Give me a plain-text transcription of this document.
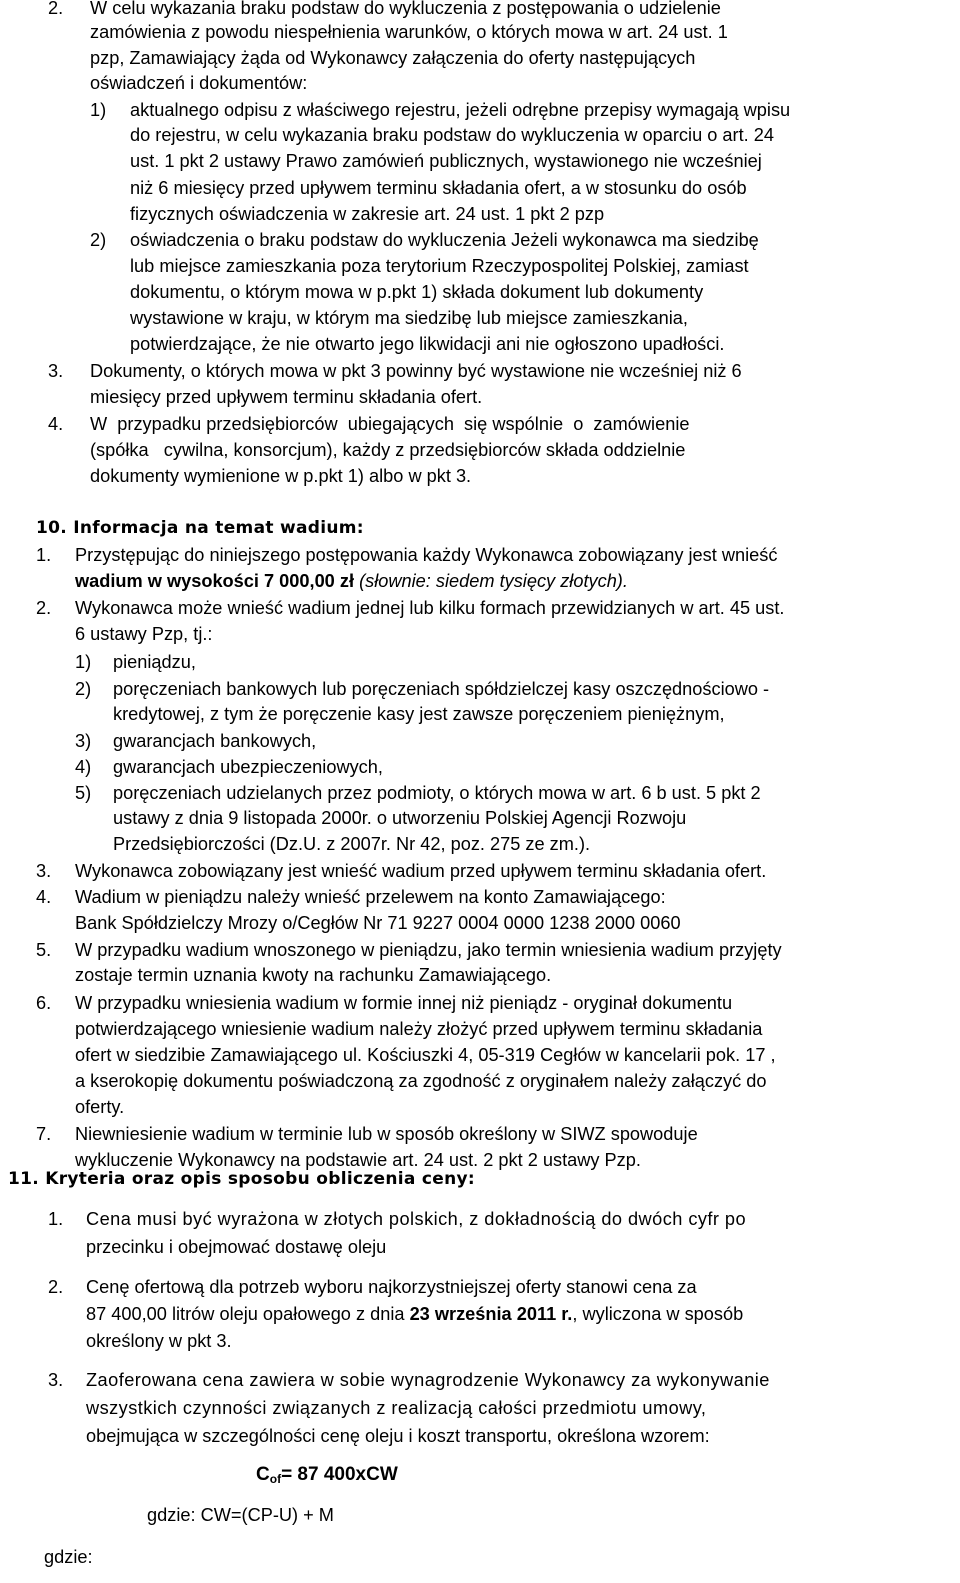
2. W celu wykazania braku podstaw do wykluczenia z postępowania o udzielenie
zamówienia z powodu niespełnienia warunków, o których mowa w art. 24 ust. 1
pzp, Zamawiający żąda od Wykonawcy załączenia do oferty następujących
oświadczeń i dokumentów:
1) aktualnego odpisu z właściwego rejestru, jeżeli odrębne przepisy wymagają wpisu
do rejestru, w celu wykazania braku podstaw do wykluczenia w oparciu o art. 24
ust. 1 pkt 2 ustawy Prawo zamówień publicznych, wystawionego nie wcześniej
niż 6 miesięcy przed upływem terminu składania ofert, a w stosunku do osób
fizycznych oświadczenia w zakresie art. 24 ust. 1 pkt 2 pzp
2) oświadczenia o braku podstaw do wykluczenia Jeżeli wykonawca ma siedzibę
lub miejsce zamieszkania poza terytorium Rzeczypospolitej Polskiej, zamiast
dokumentu, o którym mowa w p.pkt 1) składa dokument lub dokumenty
wystawione w kraju, w którym ma siedzibę lub miejsce zamieszkania,
potwierdzające, że nie otwarto jego likwidacji ani nie ogłoszono upadłości.
3. Dokumenty, o których mowa w pkt 3 powinny być wystawione nie wcześniej niż 6
miesięcy przed upływem terminu składania ofert.
4. W  przypadku przedsiębiorców  ubiegających  się wspólnie  o  zamówienie
(spółka   cywilna, konsorcjum), każdy z przedsiębiorców składa oddzielnie
dokumenty wymienione w p.pkt 1) albo w pkt 3.
10. Informacja na temat wadium:
1. Przystępując do niniejszego postępowania każdy Wykonawca zobowiązany jest wnieść
wadium w wysokości 7 000,00 zł (słownie: siedem tysięcy złotych).
2. Wykonawca może wnieść wadium jednej lub kilku formach przewidzianych w art. 45 ust.
6 ustawy Pzp, tj.:
1) pieniądzu,
2) poręczeniach bankowych lub poręczeniach spółdzielczej kasy oszczędnościowo -
kredytowej, z tym że poręczenie kasy jest zawsze poręczeniem pieniężnym,
3) gwarancjach bankowych,
4) gwarancjach ubezpieczeniowych,
5) poręczeniach udzielanych przez podmioty, o których mowa w art. 6 b ust. 5 pkt 2
ustawy z dnia 9 listopada 2000r. o utworzeniu Polskiej Agencji Rozwoju
Przedsiębiorczości (Dz.U. z 2007r. Nr 42, poz. 275 ze zm.).
3. Wykonawca zobowiązany jest wnieść wadium przed upływem terminu składania ofert.
4. Wadium w pieniądzu należy wnieść przelewem na konto Zamawiającego:
Bank Spółdzielczy Mrozy o/Cegłów Nr 71 9227 0004 0000 1238 2000 0060
5. W przypadku wadium wnoszonego w pieniądzu, jako termin wniesienia wadium przyjęty
zostaje termin uznania kwoty na rachunku Zamawiającego.
6. W przypadku wniesienia wadium w formie innej niż pieniądz - oryginał dokumentu
potwierdzającego wniesienie wadium należy złożyć przed upływem terminu składania
ofert w siedzibie Zamawiającego ul. Kościuszki 4, 05-319 Cegłów w kancelarii pok. 17 ,
a kserokopię dokumentu poświadczoną za zgodność z oryginałem należy załączyć do
oferty.
7. Niewniesienie wadium w terminie lub w sposób określony w SIWZ spowoduje
wykluczenie Wykonawcy na podstawie art. 24 ust. 2 pkt 2 ustawy Pzp.
11. Kryteria oraz opis sposobu obliczenia ceny:
1. Cena musi być wyrażona w złotych polskich, z dokładnością do dwóch cyfr po
przecinku i obejmować dostawę oleju
2. Cenę ofertową dla potrzeb wyboru najkorzystniejszej oferty stanowi cena za
87 400,00 litrów oleju opałowego z dnia 23 września 2011 r., wyliczona w sposób
określony w pkt 3.
3. Zaoferowana cena zawiera w sobie wynagrodzenie Wykonawcy za wykonywanie
wszystkich czynności związanych z realizacją całości przedmiotu umowy,
obejmująca w szczególności cenę oleju i koszt transportu, określona wzorem:
$C_{of}= 87$ 400xCW
gdzie: CW=(CP-U) + M
gdzie:
